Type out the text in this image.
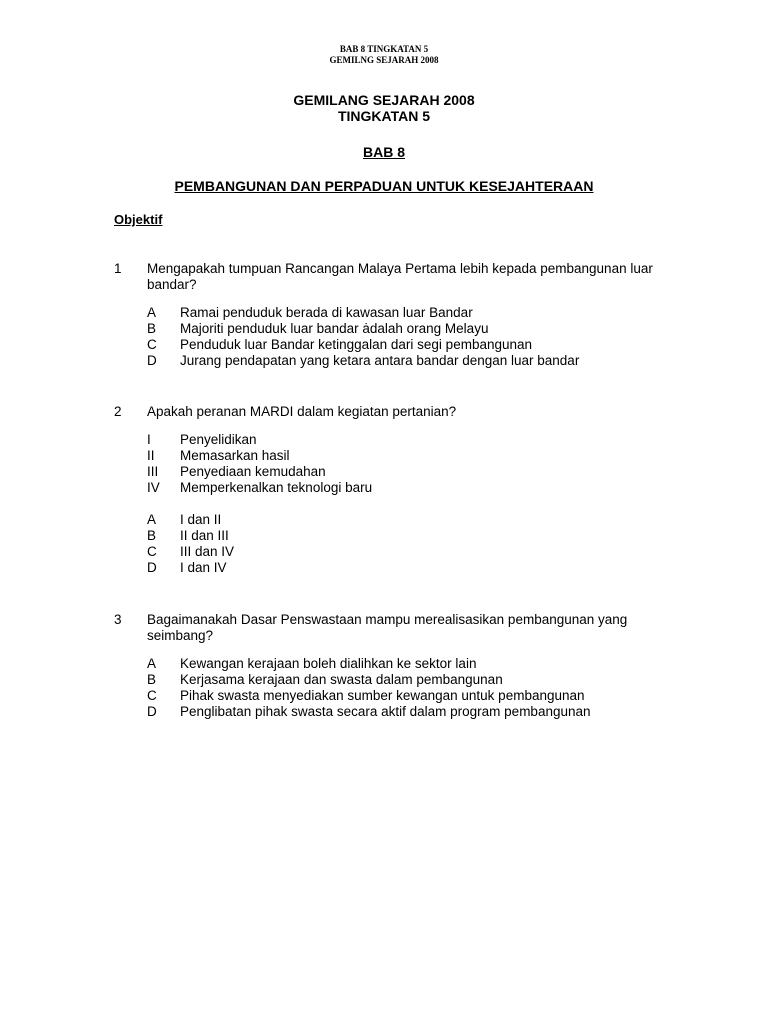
BAB 8 TINGKATAN 5
GEMILNG SEJARAH 2008
GEMILANG SEJARAH 2008
TINGKATAN 5
BAB 8
PEMBANGUNAN DAN PERPADUAN UNTUK KESEJAHTERAAN
Objektif
1	Mengapakah tumpuan Rancangan Malaya Pertama lebih kepada pembangunan luar bandar?
A	Ramai penduduk berada di kawasan luar Bandar
B	Majoriti penduduk luar bandar ȧdalah orang Melayu
C	Penduduk luar Bandar ketinggalan dari segi pembangunan
D	Jurang pendapatan yang ketara antara bandar dengan luar bandar
2	Apakah peranan MARDI dalam kegiatan pertanian?
I	Penyelidikan
II	Memasarkan hasil
III	Penyediaan kemudahan
IV	Memperkenalkan teknologi baru
A	I dan II
B	II dan III
C	III dan IV
D	I dan IV
3	Bagaimanakah Dasar Penswastaan mampu merealisasikan pembangunan yang seimbang?
A	Kewangan kerajaan boleh dialihkan ke sektor lain
B	Kerjasama kerajaan dan swasta dalam pembangunan
C	Pihak swasta menyediakan sumber kewangan untuk pembangunan
D	Penglibatan pihak swasta secara aktif dalam program pembangunan
